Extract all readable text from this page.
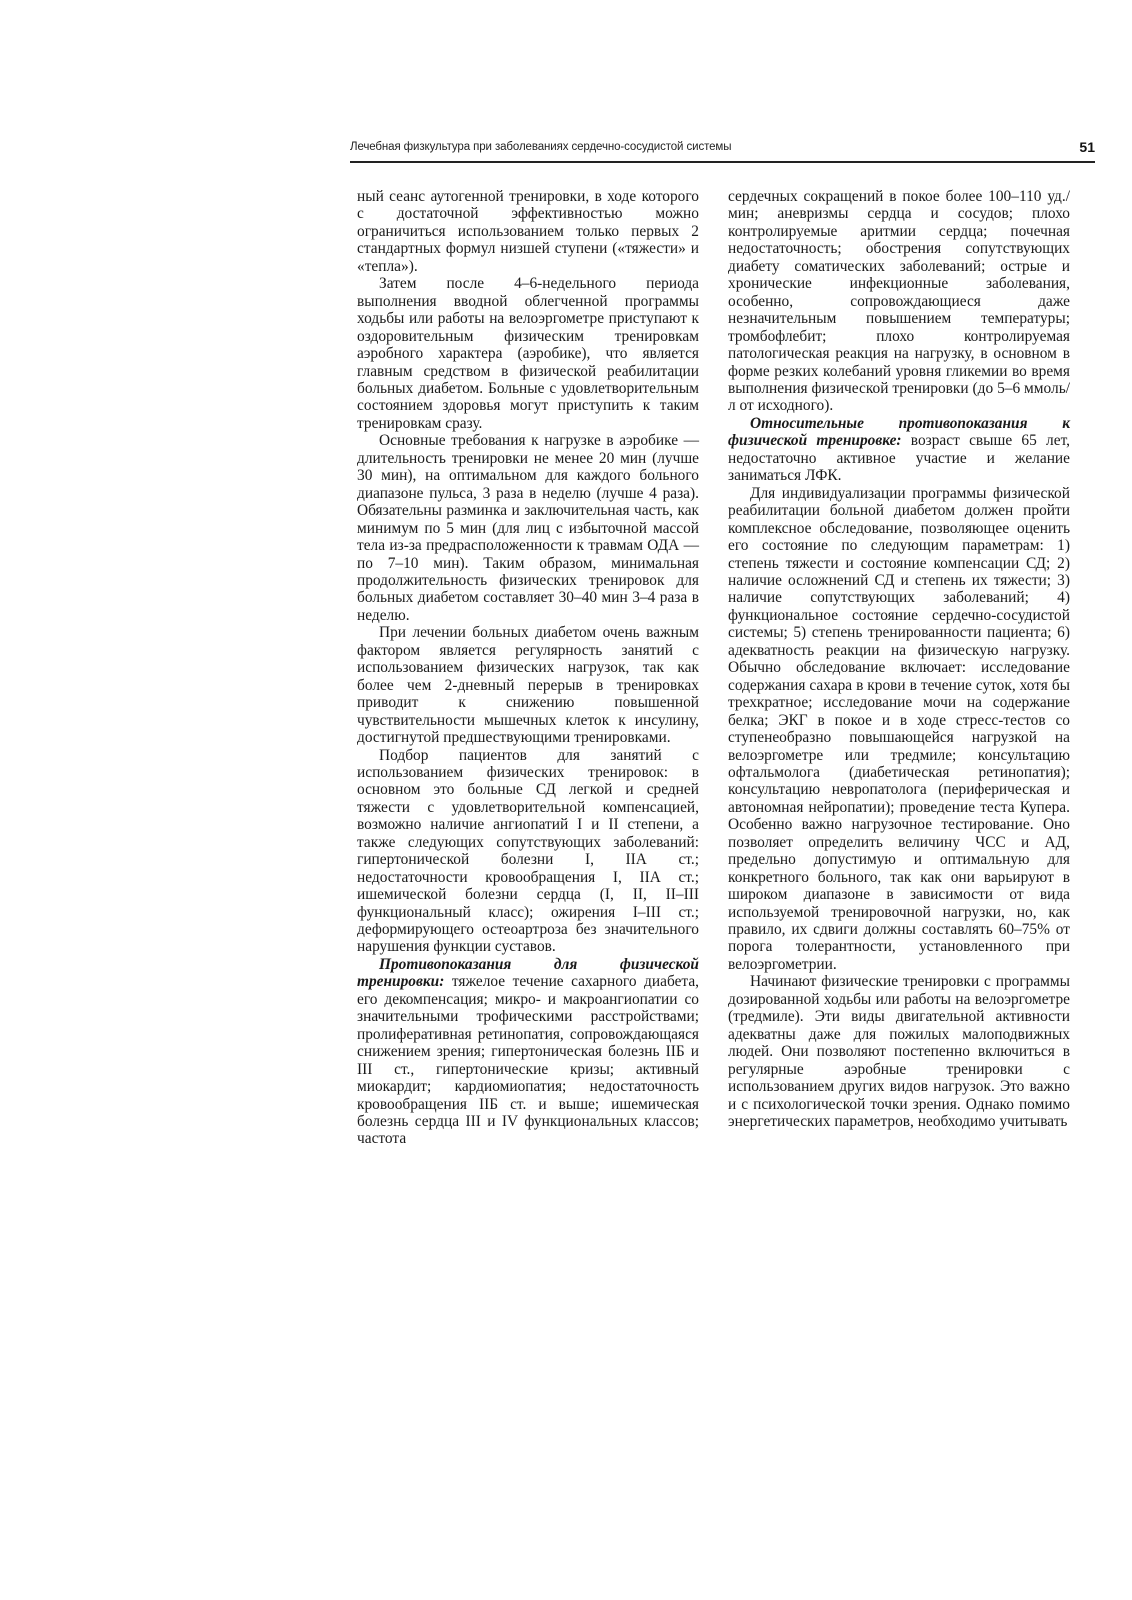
Лечебная физкультура при заболеваниях сердечно-сосудистой системы	51

ный сеанс аутогенной тренировки, в ходе которого с достаточной эффективностью можно ограничиться использованием только первых 2 стандартных формул низшей ступени («тяжести» и «тепла»).

Затем после 4–6-недельного периода выполнения вводной облегченной программы ходьбы или работы на велоэргометре приступают к оздоровительным физическим тренировкам аэробного характера (аэробике), что является главным средством в физической реабилитации больных диабетом. Больные с удовлетворительным состоянием здоровья могут приступить к таким тренировкам сразу.

Основные требования к нагрузке в аэробике — длительность тренировки не менее 20 мин (лучше 30 мин), на оптимальном для каждого больного диапазоне пульса, 3 раза в неделю (лучше 4 раза). Обязательны разминка и заключительная часть, как минимум по 5 мин (для лиц с избыточной массой тела из-за предрасположенности к травмам ОДА — по 7–10 мин). Таким образом, минимальная продолжительность физических тренировок для больных диабетом составляет 30–40 мин 3–4 раза в неделю.

При лечении больных диабетом очень важным фактором является регулярность занятий с использованием физических нагрузок, так как более чем 2-дневный перерыв в тренировках приводит к снижению повышенной чувствительности мышечных клеток к инсулину, достигнутой предшествующими тренировками.

Подбор пациентов для занятий с использованием физических тренировок: в основном это больные СД легкой и средней тяжести с удовлетворительной компенсацией, возможно наличие ангиопатий I и II степени, а также следующих сопутствующих заболеваний: гипертонической болезни I, IIА ст.; недостаточности кровообращения I, IIА ст.; ишемической болезни сердца (I, II, II–III функциональный класс); ожирения I–III ст.; деформирующего остеоартроза без значительного нарушения функции суставов.

Противопоказания для физической тренировки: тяжелое течение сахарного диабета, его декомпенсация; микро- и макроангиопатии со значительными трофическими расстройствами; пролиферативная ретинопатия, сопровождающаяся снижением зрения; гипертоническая болезнь IIБ и III ст., гипертонические кризы; активный миокардит; кардиомиопатия; недостаточность кровообращения IIБ ст. и выше; ишемическая болезнь сердца III и IV функциональных классов; частота

сердечных сокращений в покое более 100–110 уд./мин; аневризмы сердца и сосудов; плохо контролируемые аритмии сердца; почечная недостаточность; обострения сопутствующих диабету соматических заболеваний; острые и хронические инфекционные заболевания, особенно, сопровождающиеся даже незначительным повышением температуры; тромбофлебит; плохо контролируемая патологическая реакция на нагрузку, в основном в форме резких колебаний уровня гликемии во время выполнения физической тренировки (до 5–6 ммоль/л от исходного).

Относительные противопоказания к физической тренировке: возраст свыше 65 лет, недостаточно активное участие и желание заниматься ЛФК.

Для индивидуализации программы физической реабилитации больной диабетом должен пройти комплексное обследование, позволяющее оценить его состояние по следующим параметрам: 1) степень тяжести и состояние компенсации СД; 2) наличие осложнений СД и степень их тяжести; 3) наличие сопутствующих заболеваний; 4) функциональное состояние сердечно-сосудистой системы; 5) степень тренированности пациента; 6) адекватность реакции на физическую нагрузку. Обычно обследование включает: исследование содержания сахара в крови в течение суток, хотя бы трехкратное; исследование мочи на содержание белка; ЭКГ в покое и в ходе стресс-тестов со ступенеобразно повышающейся нагрузкой на велоэргометре или тредмиле; консультацию офтальмолога (диабетическая ретинопатия); консультацию невропатолога (периферическая и автономная нейропатии); проведение теста Купера. Особенно важно нагрузочное тестирование. Оно позволяет определить величину ЧСС и АД, предельно допустимую и оптимальную для конкретного больного, так как они варьируют в широком диапазоне в зависимости от вида используемой тренировочной нагрузки, но, как правило, их сдвиги должны составлять 60–75% от порога толерантности, установленного при велоэргометрии.

Начинают физические тренировки с программы дозированной ходьбы или работы на велоэргометре (тредмиле). Эти виды двигательной активности адекватны даже для пожилых малоподвижных людей. Они позволяют постепенно включиться в регулярные аэробные тренировки с использованием других видов нагрузок. Это важно и с психологической точки зрения. Однако помимо энергетических параметров, необходимо учитывать
